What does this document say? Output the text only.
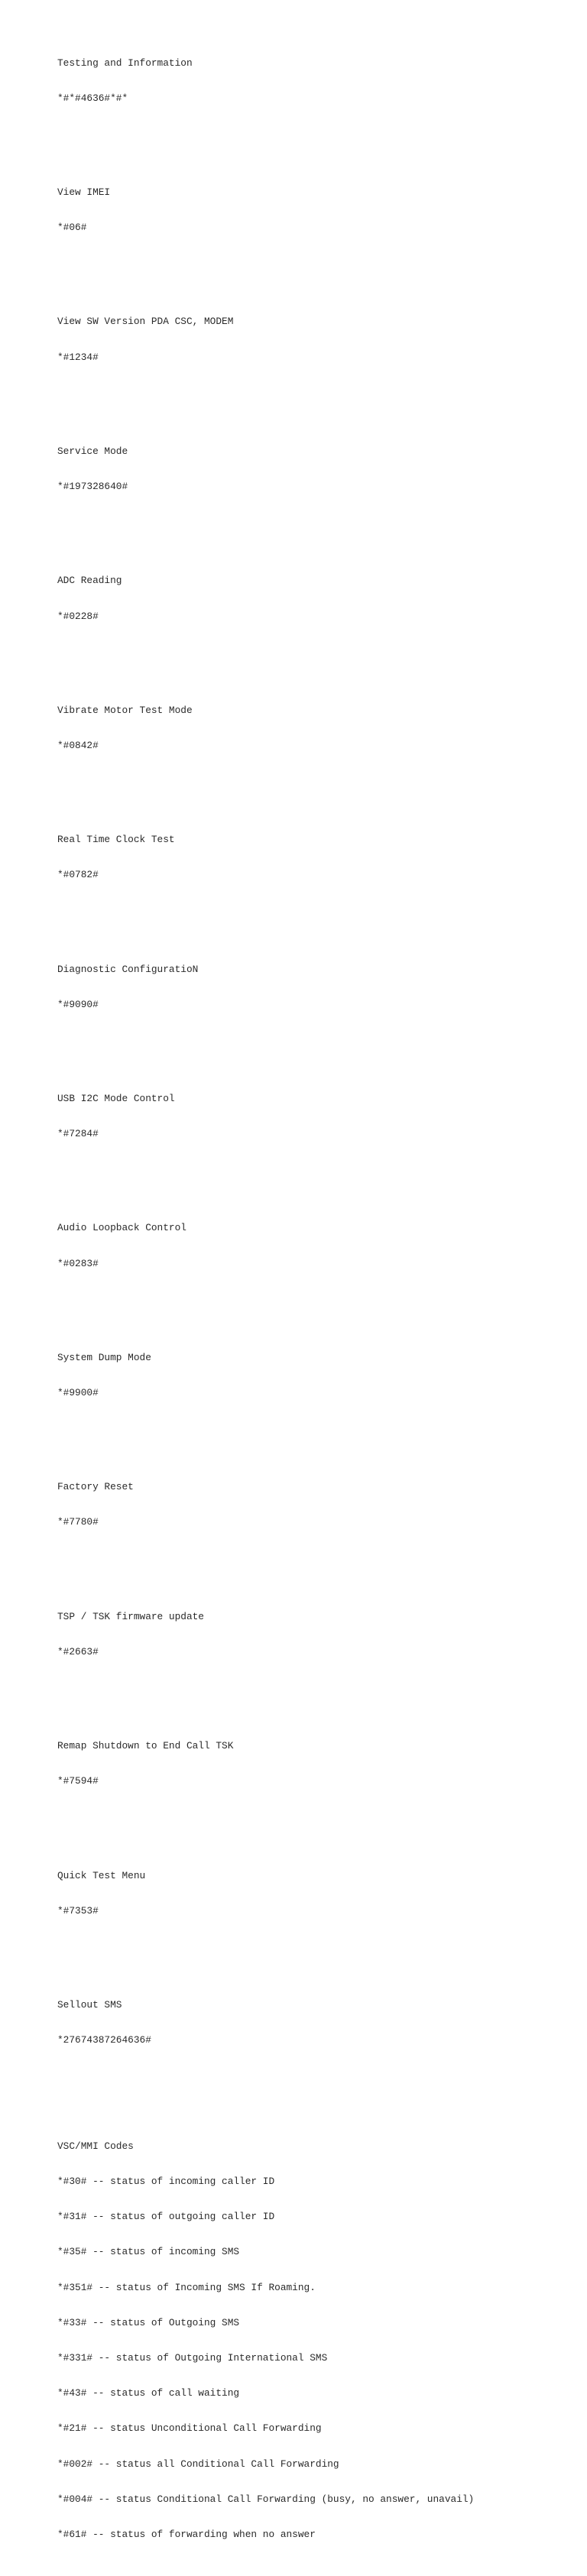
Testing and Information

*#*#4636#*#*

View IMEI

*#06#

View SW Version PDA CSC, MODEM

*#1234#

Service Mode

*#197328640#

ADC Reading

*#0228#

Vibrate Motor Test Mode

*#0842#

Real Time Clock Test

*#0782#

Diagnostic ConfiguratioN

*#9090#

USB I2C Mode Control

*#7284#

Audio Loopback Control

*#0283#

System Dump Mode

*#9900#

Factory Reset

*#7780#

TSP / TSK firmware update

*#2663#

Remap Shutdown to End Call TSK

*#7594#

Quick Test Menu

*#7353#

Sellout SMS

*27674387264636#

VSC/MMI Codes

*#30# -- status of incoming caller ID

*#31# -- status of outgoing caller ID

*#35# -- status of incoming SMS

*#351# -- status of Incoming SMS If Roaming.

*#33# -- status of Outgoing SMS

*#331# -- status of Outgoing International SMS

*#43# -- status of call waiting

*#21# -- status Unconditional Call Forwarding

*#002# -- status all Conditional Call Forwarding

*#004# -- status Conditional Call Forwarding (busy, no answer, unavail)

*#61# -- status of forwarding when no answer
